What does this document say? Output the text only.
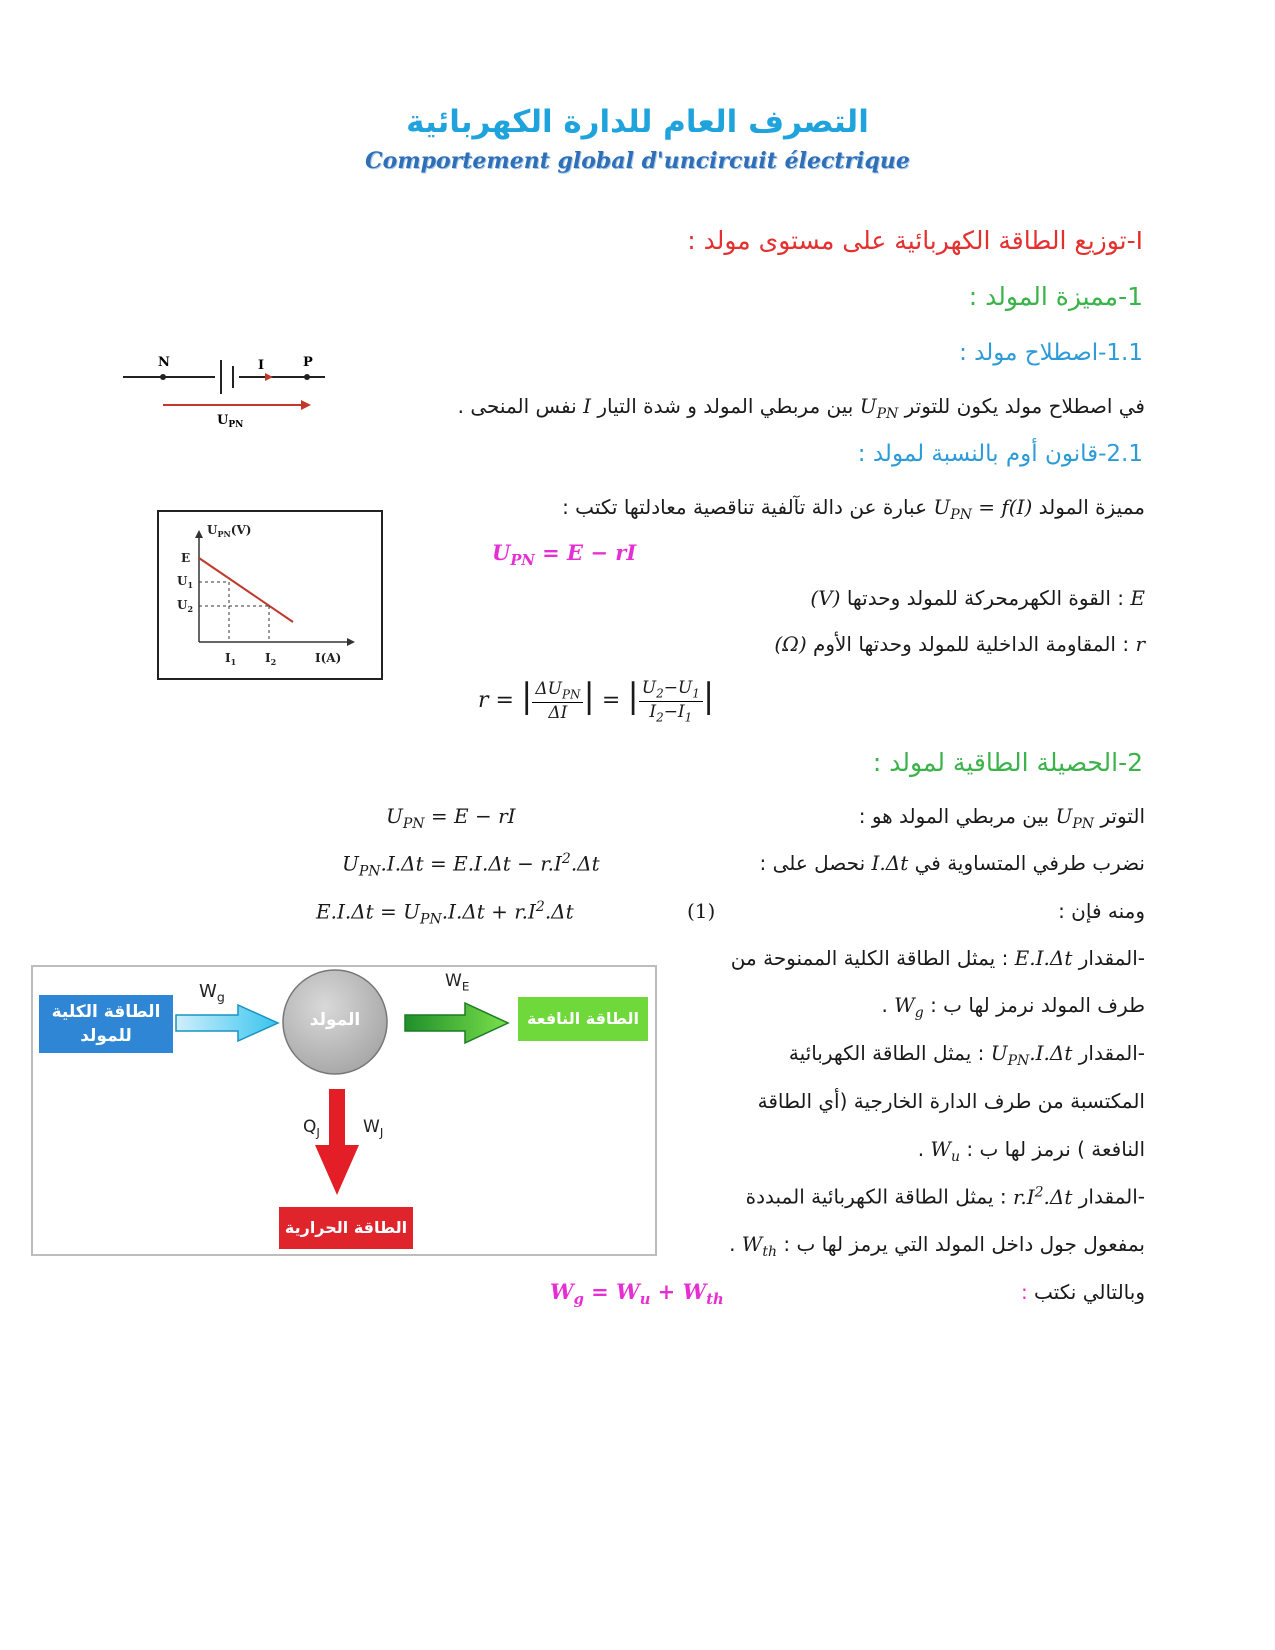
التصرف العام للدارة الكهربائية
Comportement global d'uncircuit électrique
I-توزيع الطاقة الكهربائية على مستوى مولد :
1-مميزة المولد :
1.1-اصطلاح مولد :
في اصطلاح مولد يكون للتوتر $U_{PN}$ بين مربطي المولد و شدة التيار I نفس المنحى .
N	P
I
$U_{PN}$
2.1-قانون أوم بالنسبة لمولد :
مميزة المولد $U_{PN} = f(I)$ عبارة عن دالة تآلفية تناقصية معادلتها تكتب :
$U_{PN} = E$ − rI
E : القوة الكهرمحركة للمولد وحدتها (V)
r : المقاومة الداخلية للمولد وحدتها الأوم (Ω)
r = | $\frac{\Delta U_{PN}}{\Delta I}$ | = | $\frac{U_2-U_1}{I_2-I_1}$ |
$U_{PN}(V)$
E
$U_1$
$U_2$
$I_1$ $I_2$	I(A)
2-الحصيلة الطاقية لمولد :
التوتر $U_{PN}$ بين مربطي المولد هو :
$U_{PN} = E$ − rI
نضرب طرفي المتساوية في I.Δt نحصل على :
$U_{PN}.I.\Delta t = E.I.\Delta t - r.I^2.\Delta t$
ومنه فإن :
$E.I.\Delta t = U_{PN}.I.\Delta t + r.I^2.\Delta t$	(1)
-المقدار E.I.Δt : يمثل الطاقة الكلية الممنوحة من
طرف المولد نرمز لها ب : $W_g$ .
-المقدار $U_{PN}.I.\Delta t$ : يمثل الطاقة الكهربائية
المكتسبة من طرف الدارة الخارجية (أي الطاقة
النافعة ) نرمز لها ب : $W_u$ .
-المقدار $r.I^2.\Delta t$ : يمثل الطاقة الكهربائية المبددة
بمفعول جول داخل المولد التي يرمز لها ب : $W_{th}$ .
وبالتالي نكتب :
$W_g = W_u + W_{th}$
الطاقة الكلية للمولد
المولد	الطاقة النافعة
الطاقة الحرارية
$W_g$
$W_E$
$Q_J$	$W_J$
